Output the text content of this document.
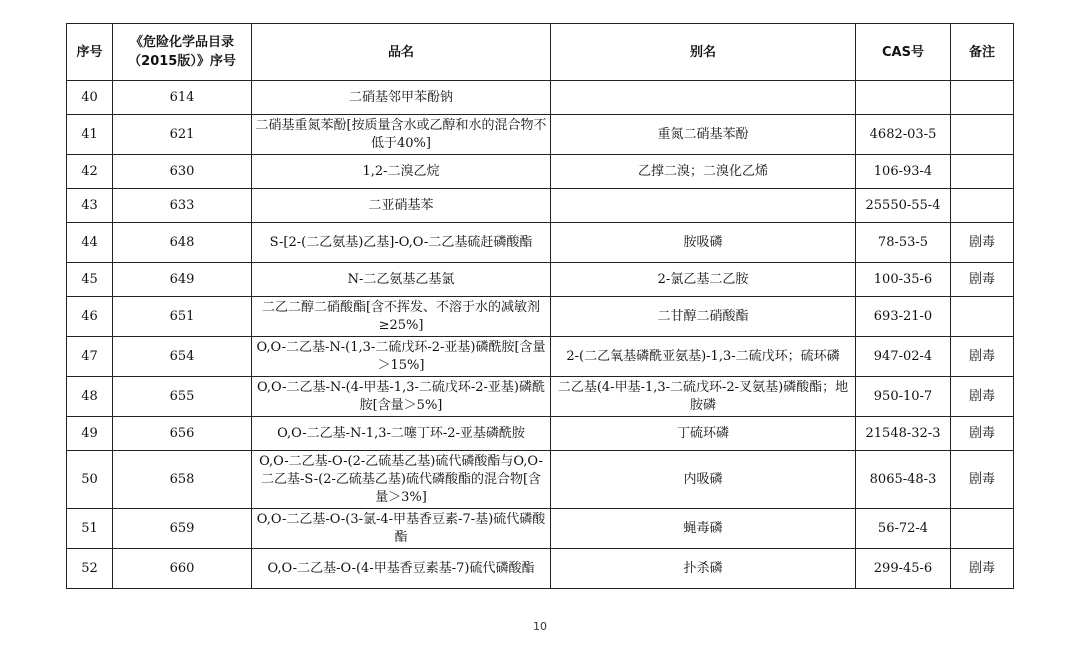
序号	《危险化学品目录（2015版）》序号	品名	别名	CAS号	备注
40	614	二硝基邻甲苯酚钠			
41	621	二硝基重氮苯酚[按质量含水或乙醇和水的混合物不低于40%]	重氮二硝基苯酚	4682-03-5	
42	630	1,2-二溴乙烷	乙撑二溴；二溴化乙烯	106-93-4	
43	633	二亚硝基苯		25550-55-4	
44	648	S-[2-(二乙氨基)乙基]-O,O-二乙基硫赶磷酸酯	胺吸磷	78-53-5	剧毒
45	649	N-二乙氨基乙基氯	2-氯乙基二乙胺	100-35-6	剧毒
46	651	二乙二醇二硝酸酯[含不挥发、不溶于水的减敏剂≥25%]	二甘醇二硝酸酯	693-21-0	
47	654	O,O-二乙基-N-(1,3-二硫戊环-2-亚基)磷酰胺[含量＞15%]	2-(二乙氧基磷酰亚氨基)-1,3-二硫戊环；硫环磷	947-02-4	剧毒
48	655	O,O-二乙基-N-(4-甲基-1,3-二硫戊环-2-亚基)磷酰胺[含量＞5%]	二乙基(4-甲基-1,3-二硫戊环-2-叉氨基)磷酸酯；地胺磷	950-10-7	剧毒
49	656	O,O-二乙基-N-1,3-二噻丁环-2-亚基磷酰胺	丁硫环磷	21548-32-3	剧毒
50	658	O,O-二乙基-O-(2-乙硫基乙基)硫代磷酸酯与O,O-二乙基-S-(2-乙硫基乙基)硫代磷酸酯的混合物[含量＞3%]	内吸磷	8065-48-3	剧毒
51	659	O,O-二乙基-O-(3-氯-4-甲基香豆素-7-基)硫代磷酸酯	蝇毒磷	56-72-4	
52	660	O,O-二乙基-O-(4-甲基香豆素基-7)硫代磷酸酯	扑杀磷	299-45-6	剧毒
10
